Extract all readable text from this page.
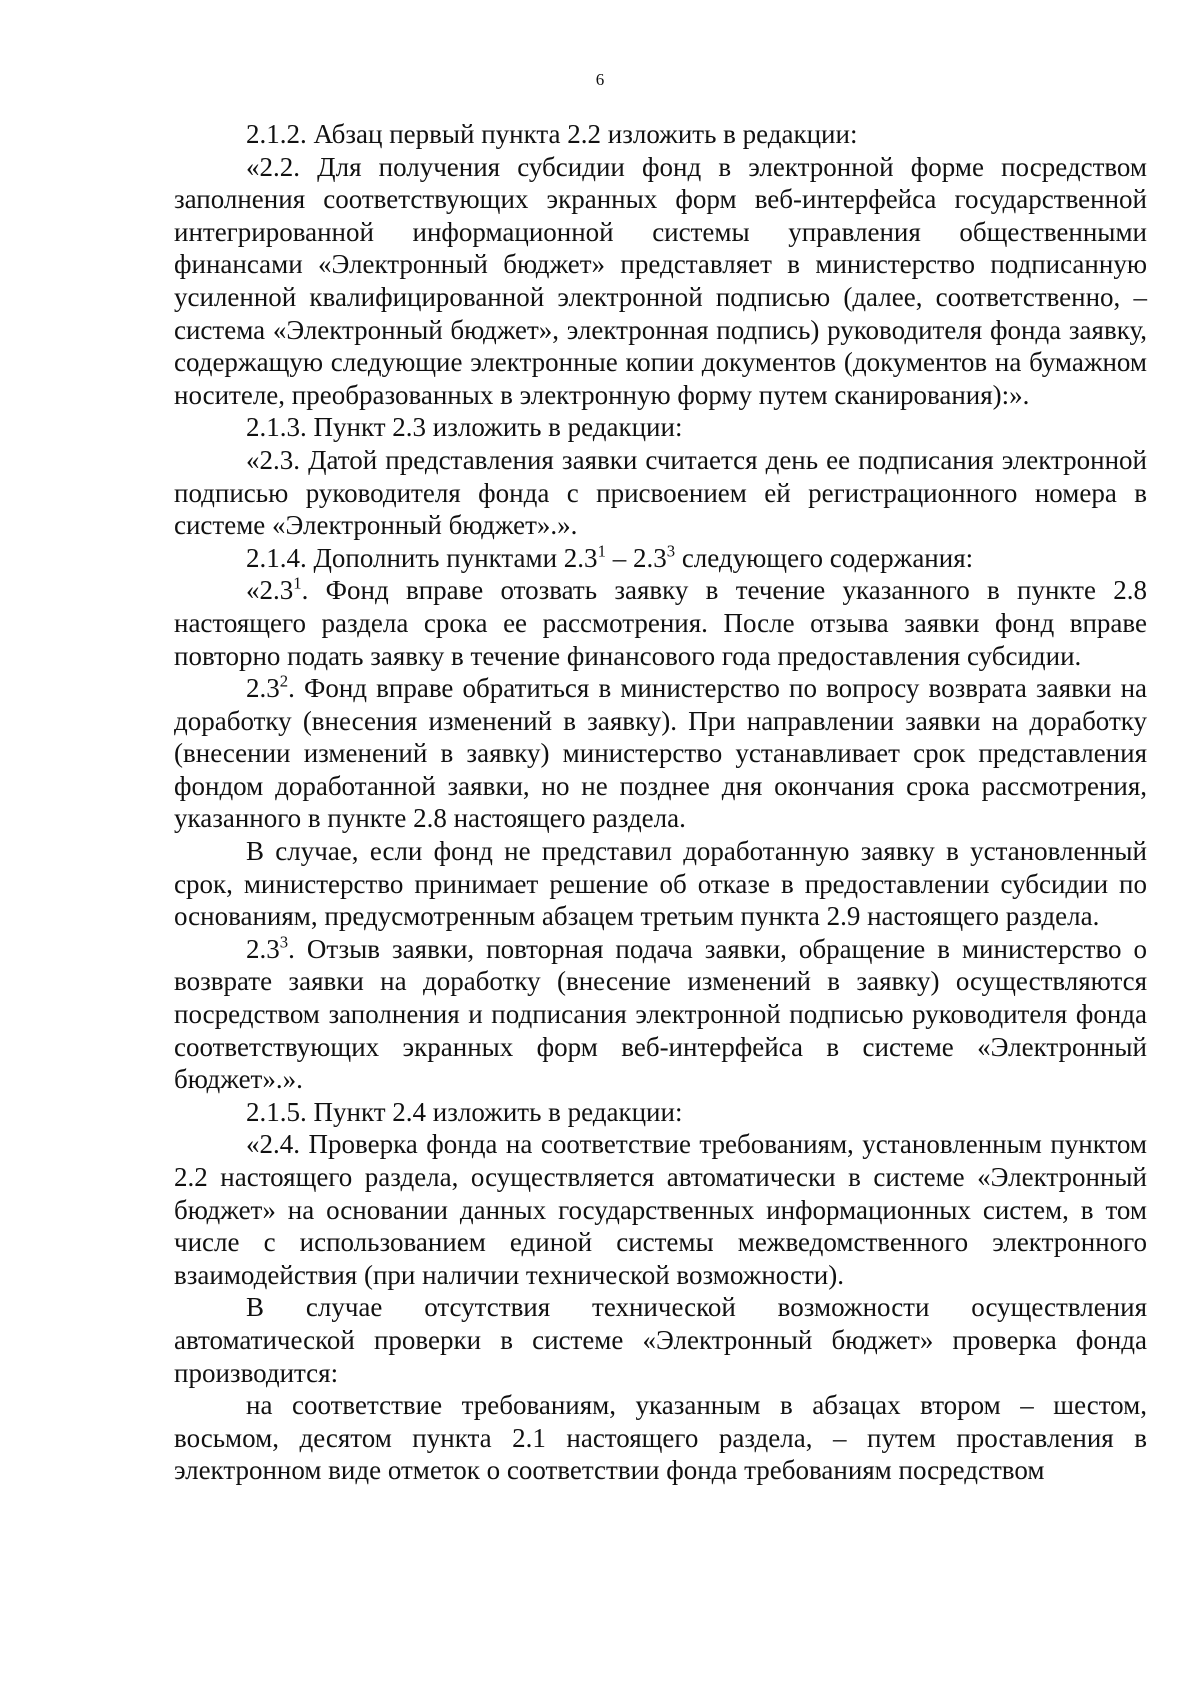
6

2.1.2. Абзац первый пункта 2.2 изложить в редакции:

«2.2. Для получения субсидии фонд в электронной форме посредством заполнения соответствующих экранных форм веб-интерфейса государственной интегрированной информационной системы управления общественными финансами «Электронный бюджет» представляет в министерство подписанную усиленной квалифицированной электронной подписью (далее, соответственно, – система «Электронный бюджет», электронная подпись) руководителя фонда заявку, содержащую следующие электронные копии документов (документов на бумажном носителе, преобразованных в электронную форму путем сканирования):».

2.1.3. Пункт 2.3 изложить в редакции:

«2.3. Датой представления заявки считается день ее подписания электронной подписью руководителя фонда с присвоением ей регистрационного номера в системе «Электронный бюджет».».

2.1.4. Дополнить пунктами $2.3^1 - 2.3^3$ следующего содержания:

«$2.3^1$. Фонд вправе отозвать заявку в течение указанного в пункте 2.8 настоящего раздела срока ее рассмотрения. После отзыва заявки фонд вправе повторно подать заявку в течение финансового года предоставления субсидии.

$2.3^2$. Фонд вправе обратиться в министерство по вопросу возврата заявки на доработку (внесения изменений в заявку). При направлении заявки на доработку (внесении изменений в заявку) министерство устанавливает срок представления фондом доработанной заявки, но не позднее дня окончания срока рассмотрения, указанного в пункте 2.8 настоящего раздела.

В случае, если фонд не представил доработанную заявку в установленный срок, министерство принимает решение об отказе в предоставлении субсидии по основаниям, предусмотренным абзацем третьим пункта 2.9 настоящего раздела.

$2.3^3$. Отзыв заявки, повторная подача заявки, обращение в министерство о возврате заявки на доработку (внесение изменений в заявку) осуществляются посредством заполнения и подписания электронной подписью руководителя фонда соответствующих экранных форм веб-интерфейса в системе «Электронный бюджет».».

2.1.5. Пункт 2.4 изложить в редакции:

«2.4. Проверка фонда на соответствие требованиям, установленным пунктом 2.2 настоящего раздела, осуществляется автоматически в системе «Электронный бюджет» на основании данных государственных информационных систем, в том числе с использованием единой системы межведомственного электронного взаимодействия (при наличии технической возможности).

В случае отсутствия технической возможности осуществления автоматической проверки в системе «Электронный бюджет» проверка фонда производится:

на соответствие требованиям, указанным в абзацах втором – шестом, восьмом, десятом пункта 2.1 настоящего раздела, – путем проставления в электронном виде отметок о соответствии фонда требованиям посредством
